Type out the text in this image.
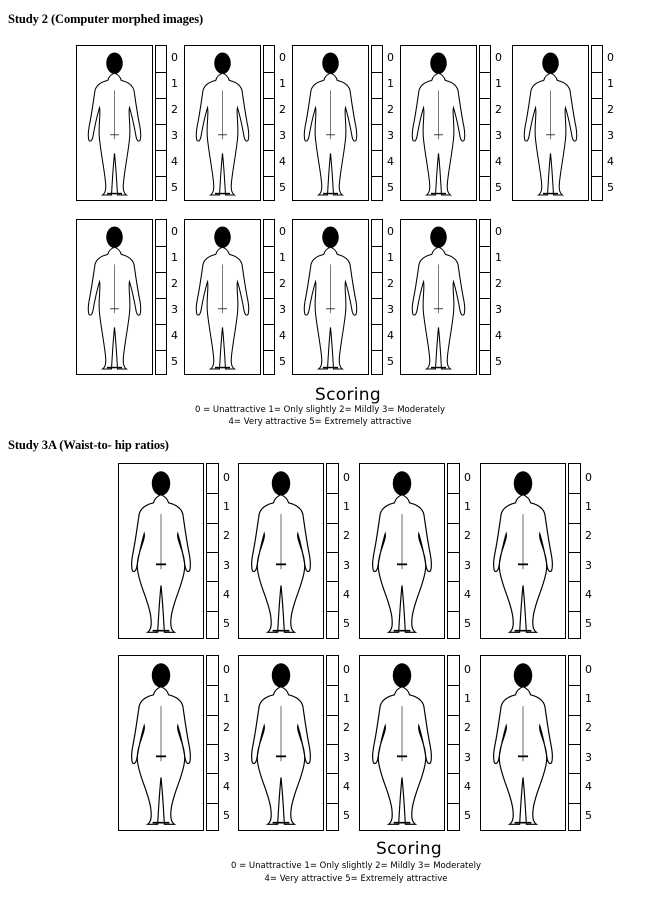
Study 2 (Computer morphed images)
Scoring
0 = Unattractive 1= Only slightly 2= Mildly 3= Moderately
4= Very attractive 5= Extremely attractive
Study 3A (Waist-to- hip ratios)
Scoring
0 = Unattractive 1= Only slightly 2= Mildly 3= Moderately
4= Very attractive 5= Extremely attractive
0
1
2
3
4
5
0
1
2
3
4
5
0
1
2
3
4
5
0
1
2
3
4
5
0
1
2
3
4
5
0
1
2
3
4
5
0
1
2
3
4
5
0
1
2
3
4
5
0
1
2
3
4
5
0
1
2
3
4
5
0
1
2
3
4
5
0
1
2
3
4
5
0
1
2
3
4
5
0
1
2
3
4
5
0
1
2
3
4
5
0
1
2
3
4
5
0
1
2
3
4
5
